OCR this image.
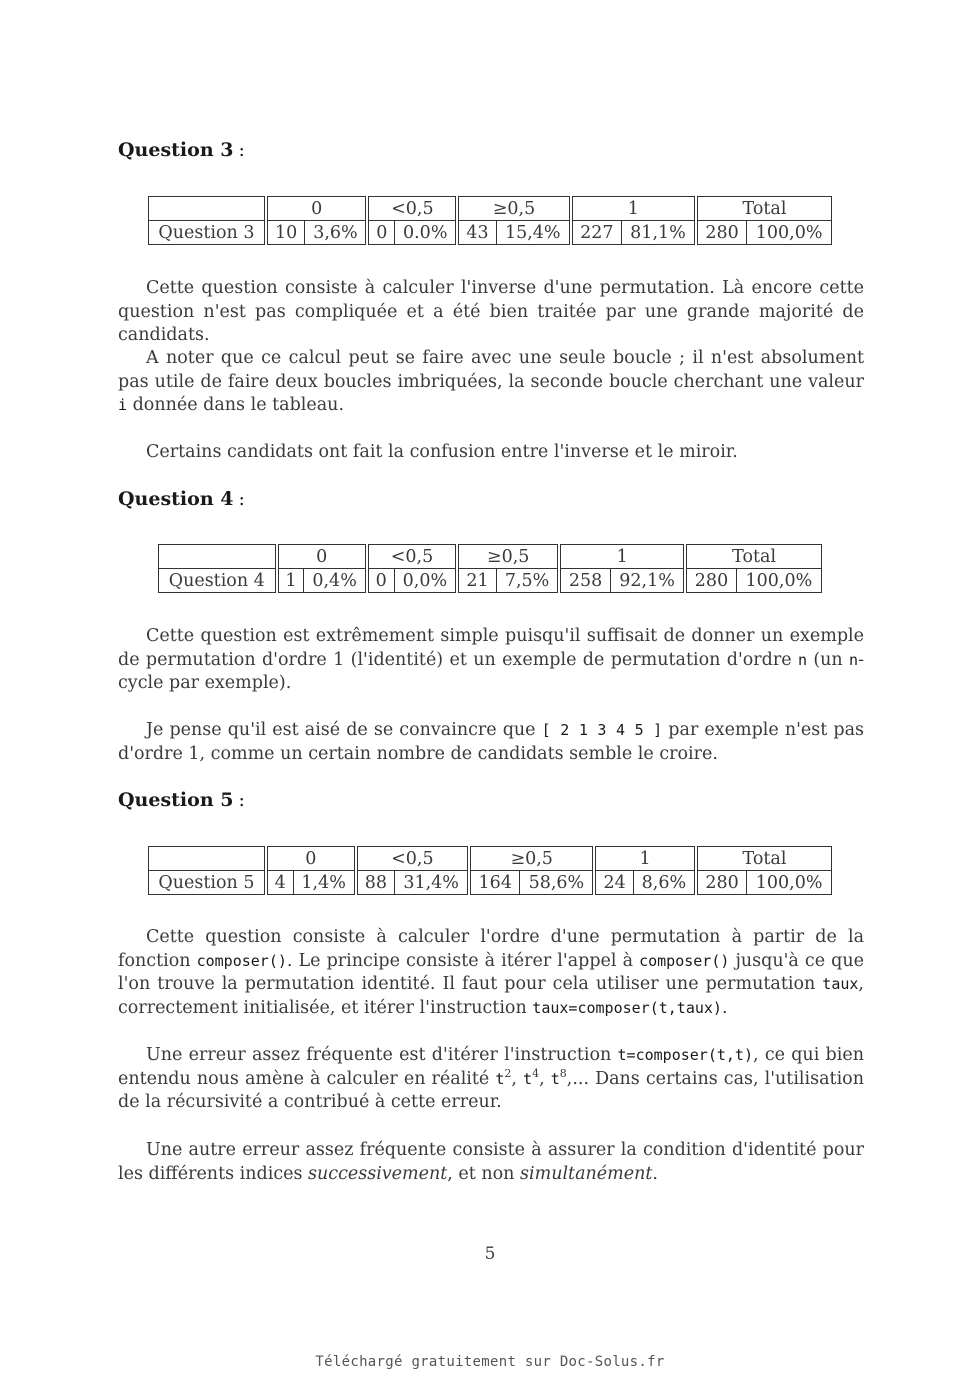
Question 3 :
	0		<0,5		≥0,5		1		Total	
Question 3	10	3,6%	0	0.0%	43	15,4%	227	81,1%	280	100,0%
Cette question consiste à calculer l'inverse d'une permutation. Là encore cette question n'est pas compliquée et a été bien traitée par une grande majorité de candidats.
A noter que ce calcul peut se faire avec une seule boucle ; il n'est absolument pas utile de faire deux boucles imbriquées, la seconde boucle cherchant une valeur i donnée dans le tableau.
Certains candidats ont fait la confusion entre l'inverse et le miroir.
Question 4 :
	0		<0,5		≥0,5		1		Total	
Question 4	1	0,4%	0	0,0%	21	7,5%	258	92,1%	280	100,0%
Cette question est extrêmement simple puisqu'il suffisait de donner un exemple de permutation d'ordre 1 (l'identité) et un exemple de permutation d'ordre n (un n-cycle par exemple).
Je pense qu'il est aisé de se convaincre que [ 2 1 3 4 5 ] par exemple n'est pas d'ordre 1, comme un certain nombre de candidats semble le croire.
Question 5 :
	0		<0,5		≥0,5		1		Total	
Question 5	4	1,4%	88	31,4%	164	58,6%	24	8,6%	280	100,0%
Cette question consiste à calculer l'ordre d'une permutation à partir de la fonction composer(). Le principe consiste à itérer l'appel à composer() jusqu'à ce que l'on trouve la permutation identité. Il faut pour cela utiliser une permutation taux, correctement initialisée, et itérer l'instruction taux=composer(t,taux).
Une erreur assez fréquente est d'itérer l'instruction t=composer(t,t), ce qui bien entendu nous amène à calculer en réalité $t^2$, $t^4$, $t^8$,... Dans certains cas, l'utilisation de la récursivité a contribué à cette erreur.
Une autre erreur assez fréquente consiste à assurer la condition d'identité pour les différents indices successivement, et non simultanément.
5
Téléchargé gratuitement sur Doc-Solus.fr
